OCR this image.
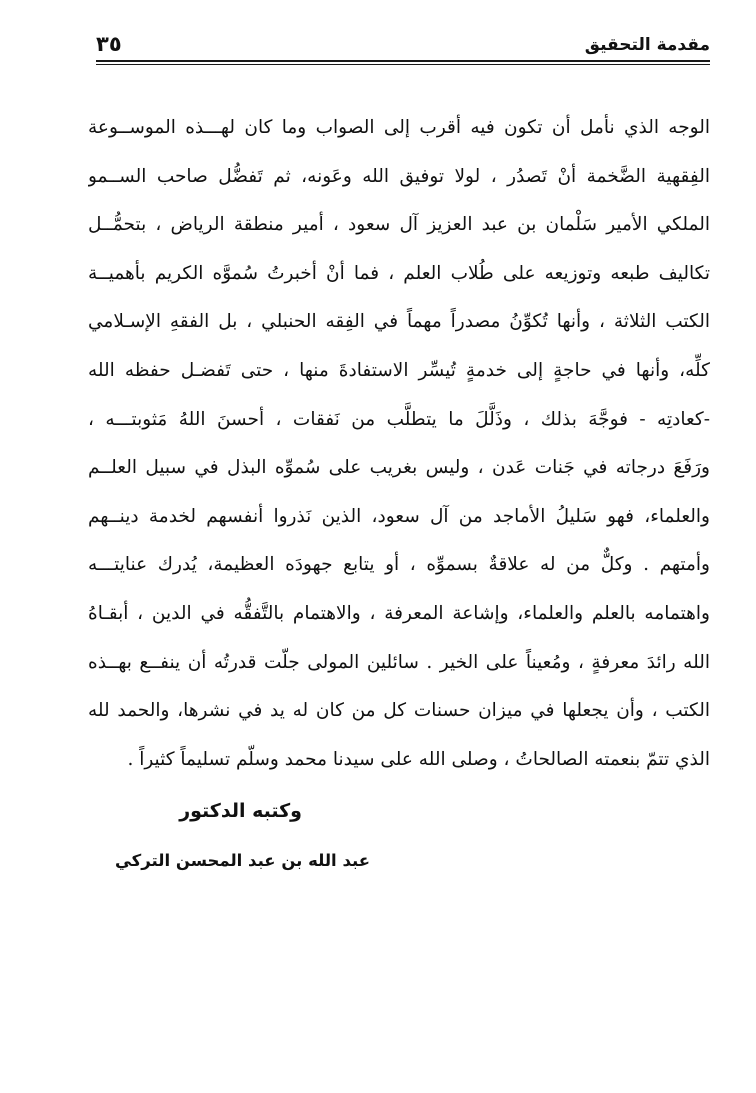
مقدمة التحقيق
٣٥
الوجه الذي نأمل أن تكون فيه أقرب إلى الصواب وما كان لهـــذه الموســوعة
الفِقهية الضَّخمة أنْ تَصدُر ، لولا توفيق الله وعَونه، ثم تَفضُّل صاحب الســمو
الملكي الأمير سَلْمان بن عبد العزيز آل سعود ، أمير منطقة الرياض ، بتحمُّــل
تكاليف طبعه وتوزيعه على طُلاب العلم ، فما أنْ أخبرتُ سُموَّه الكريم بأهميــة
الكتب الثلاثة ، وأنها تُكوِّنُ مصدراً مهماً في الفِقه الحنبلي ، بل الفقهِ الإسـلامي
كلِّه، وأنها في حاجةٍ إلى خدمةٍ تُيسِّر الاستفادةَ منها ، حتى تَفضـل حفظه الله
-كعادتِه - فوجَّهَ بذلك ، وذَلَّلَ ما يتطلَّب من نَفقات ، أحسنَ اللهُ مَثوبتـــه ،
ورَفَعَ درجاته في جَنات عَدن ، وليس بغريب على سُموِّه البذل في سبيل العلــم
والعلماء، فهو سَليلُ الأماجد من آل سعود، الذين نَذروا أنفسهم لخدمة دينــهم
وأمتهم . وكلٌّ من له علاقةٌ بسموِّه ، أو يتابع جهودَه العظيمة، يُدرك عنايتـــه
واهتمامه بالعلم والعلماء، وإشاعة المعرفة ، والاهتمام بالتَّفقُّه في الدين ، أبقـاهُ
الله رائدَ معرفةٍ ، ومُعيناً على الخير . سائلين المولى جلّت قدرتُه أن ينفــع بهــذه
الكتب ، وأن يجعلها في ميزان حسنات كل من كان له يد في نشرها، والحمد لله
الذي تتمّ بنعمته الصالحاتُ ، وصلى الله على سيدنا محمد وسلّم تسليماً كثيراً .
وكتبه الدكتور
عبد الله بن عبد المحسن التركي
